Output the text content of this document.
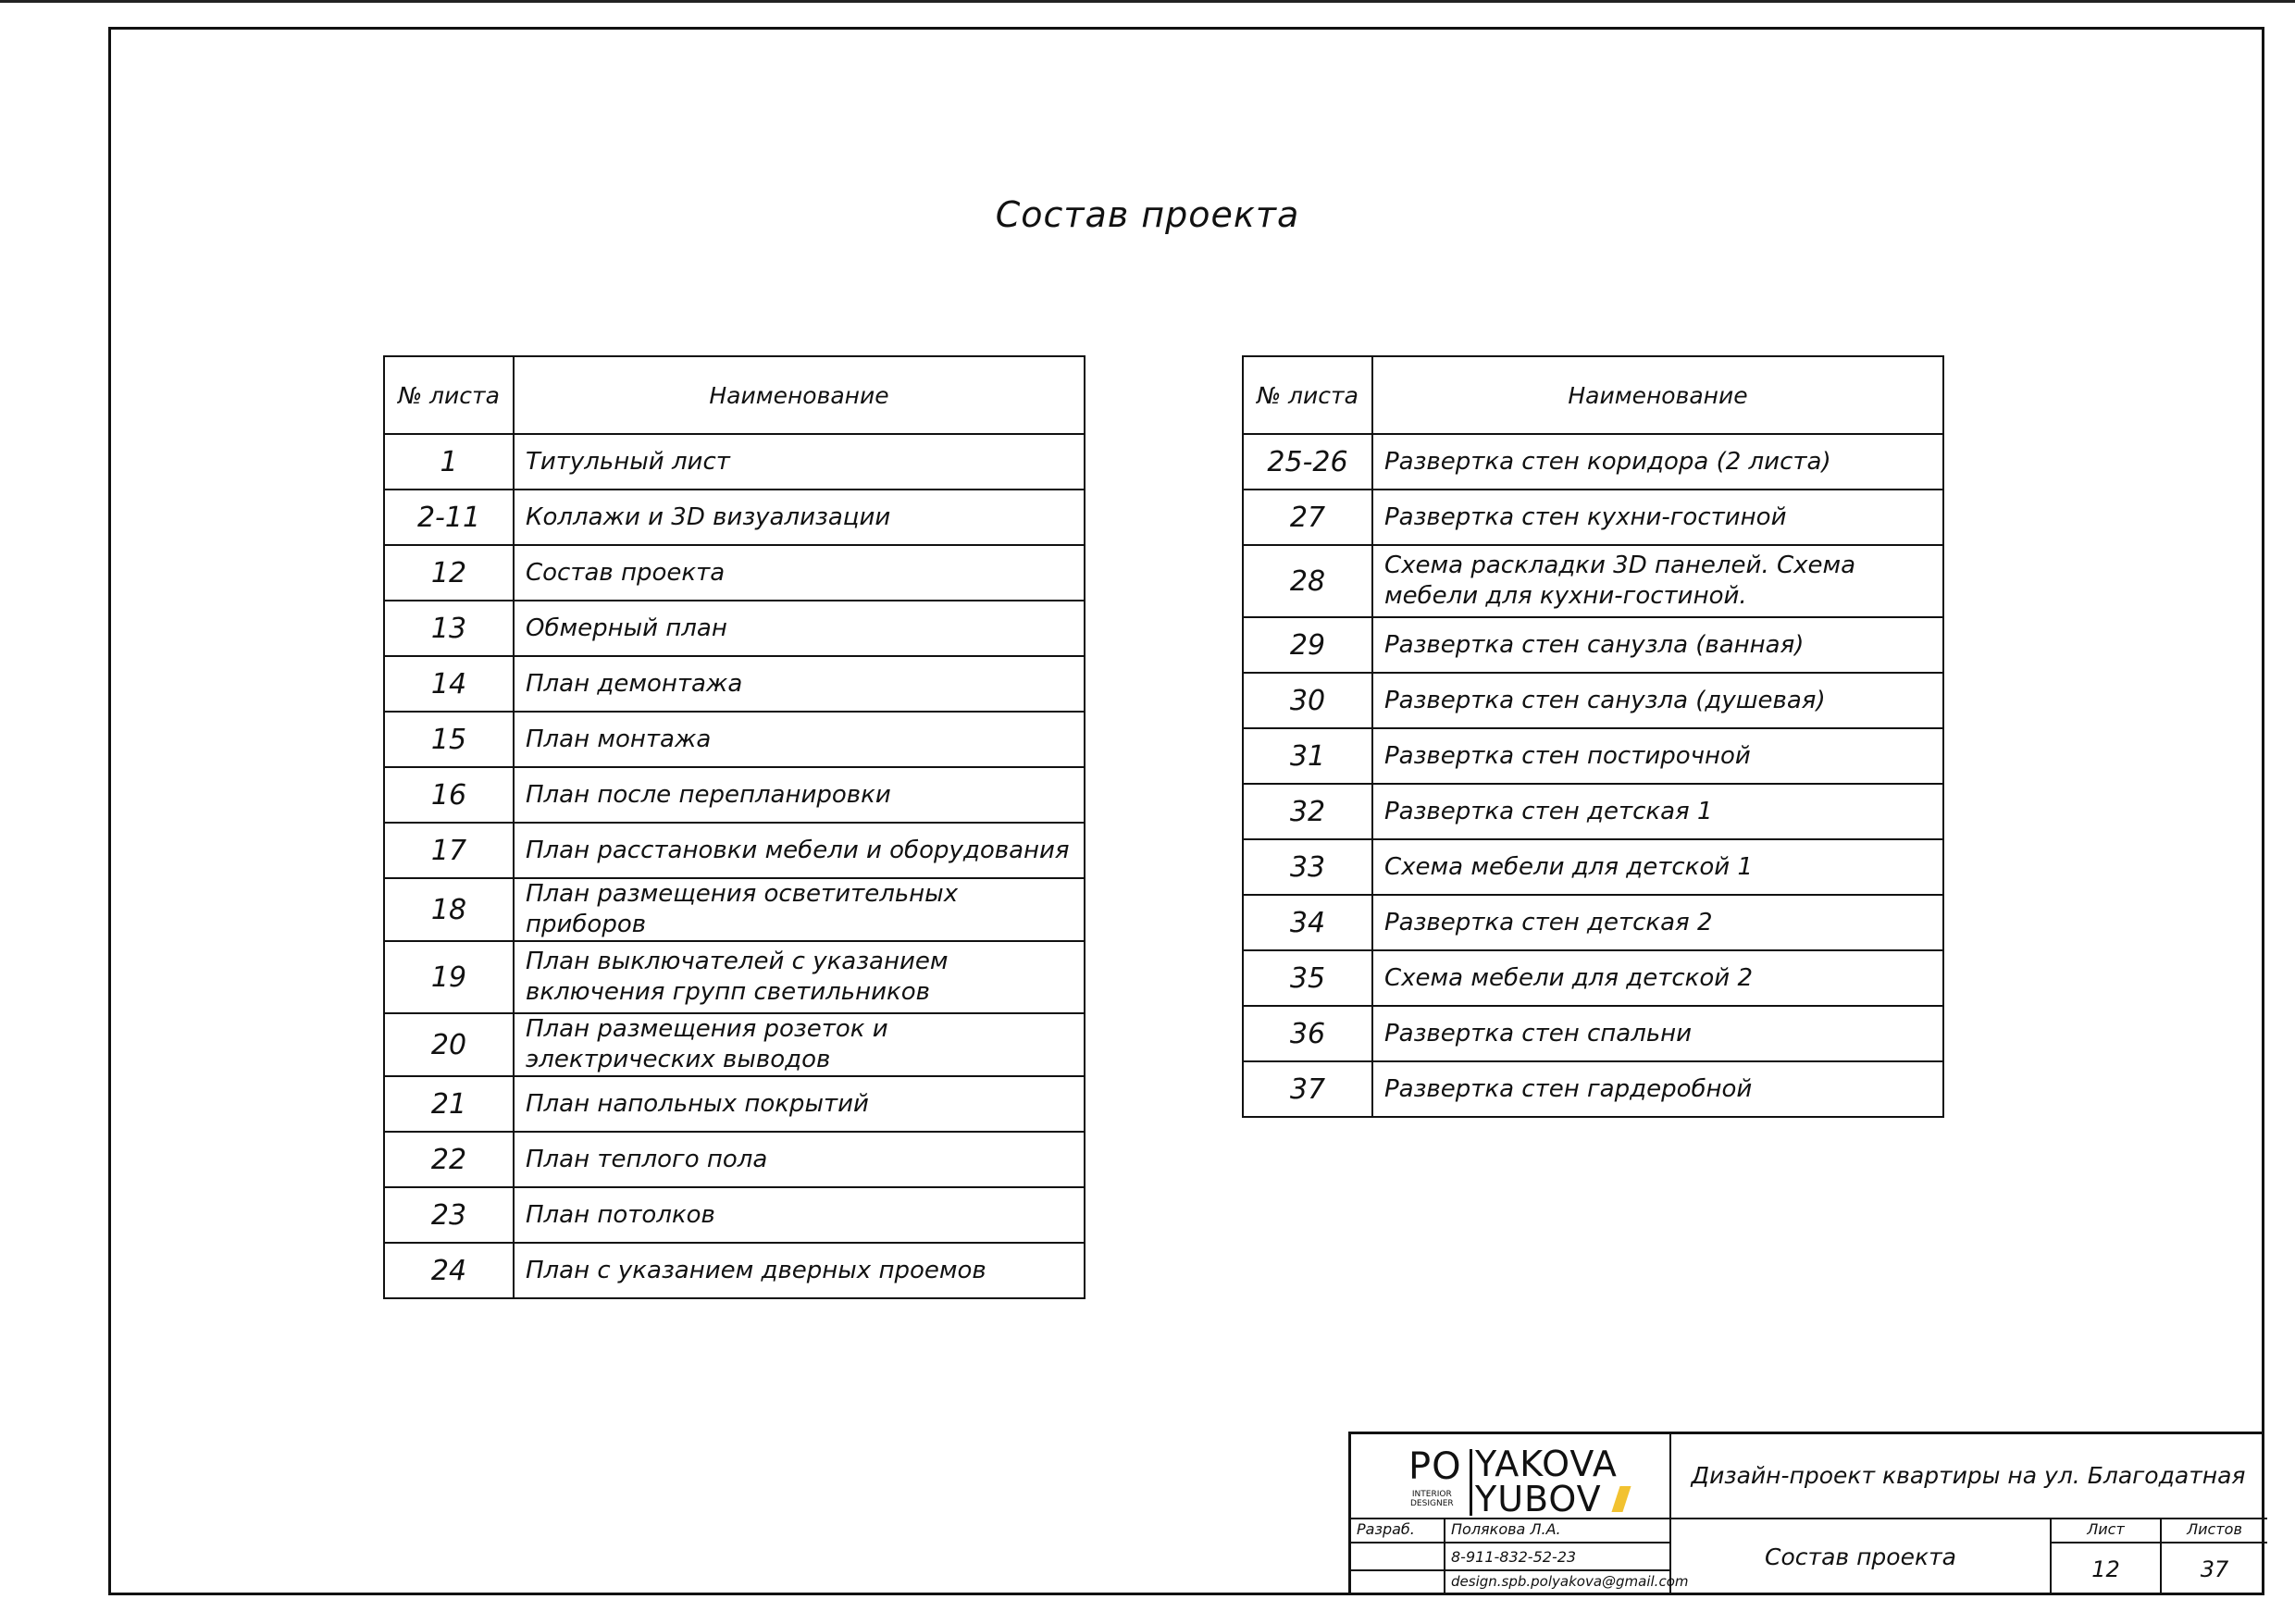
Состав проекта
№ листа	Наименование
1	Титульный лист
2-11	Коллажи и 3D визуализации
12	Состав проекта
13	Обмерный план
14	План демонтажа
15	План монтажа
16	План после перепланировки
17	План расстановки мебели и оборудования
18	План размещения осветительных приборов
19	План выключателей с указанием включения групп светильников
20	План размещения розеток и электрических выводов
21	План напольных покрытий
22	План теплого пола
23	План потолков
24	План с указанием дверных проемов
№ листа	Наименование
25-26	Развертка стен коридора (2 листа)
27	Развертка стен кухни-гостиной
28	Схема раскладки 3D панелей. Схема мебели для кухни-гостиной.
29	Развертка стен санузла (ванная)
30	Развертка стен санузла (душевая)
31	Развертка стен постирочной
32	Развертка стен детская 1
33	Схема мебели для детской 1
34	Развертка стен детская 2
35	Схема мебели для детской 2
36	Развертка стен спальни
37	Развертка стен гардеробной
PO
INTERIOR
DESIGNER
YAKOVA
YUBOV
Дизайн-проект квартиры на ул. Благодатная
Разраб. Полякова Л.А.
8-911-832-52-23
design.spb.polyakova@gmail.com
Состав проекта
Лист	Листов
12	37
